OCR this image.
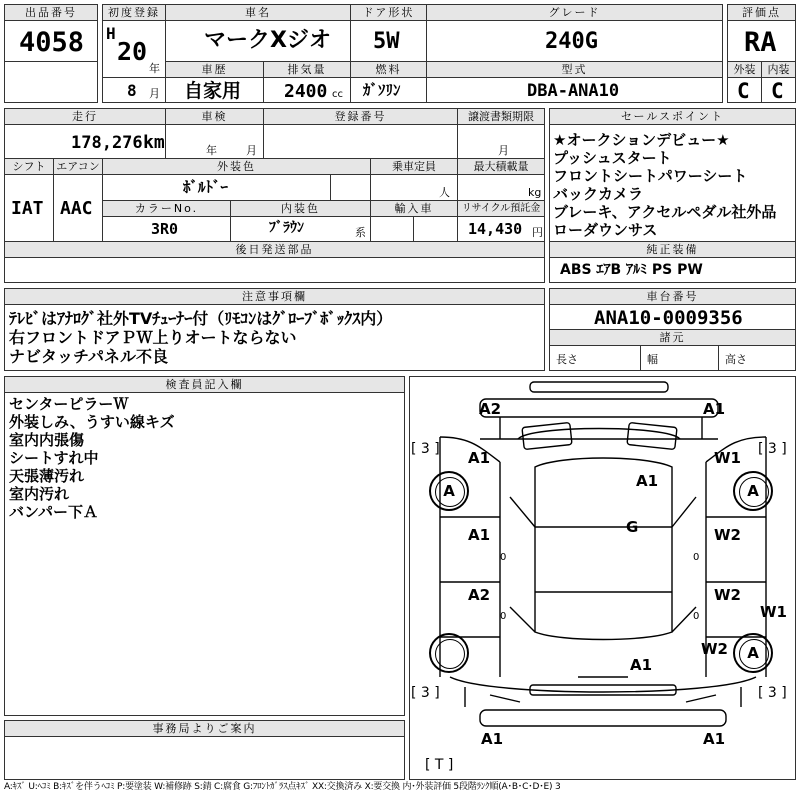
出品番号
4058
初度登録
H
20
年
8 月
車名
マークXジオ
ドア形状
5W
グレード
240G
評価点
RA
車歴
自家用
排気量
2400 cc
燃料
ｶﾞｿﾘﾝ
型式
DBA-ANA10
外装	内装
C C
走行
178,276 km
車検
年	月
登録番号	譲渡書類期限
月
シフト エアコン
IAT AAC
外装色
ﾎﾞﾙﾄﾞｰ
乗車定員
人
最大積載量
kg
カラーNo.
3R0
内装色
ﾌﾞﾗｳﾝ	系
輸入車	リサイクル預託金
14,430 円
後日発送部品
セールスポイント
★オークションデビュー★
プッシュスタート
フロントシートパワーシート
バックカメラ
ブレーキ、アクセルペダル社外品
ローダウンサス
純正装備
ABS ｴｱB ｱﾙﾐ PS PW
注意事項欄
ﾃﾚﾋﾞはｱﾅﾛｸﾞ社外TVﾁｭｰﾅｰ付（ﾘﾓｺﾝはｸﾞﾛｰﾌﾞﾎﾞｯｸｽ内）
右フロントドアＰＷ上りオートならない
ナビタッチパネル不良
車台番号
ANA10-0009356
諸元
長さ	幅	高さ
検査員記入欄
センターピラーＷ
外装しみ、うすい線キズ
室内内張傷
シートすれ中
天張薄汚れ
室内汚れ
バンパー下Ａ
事務局よりご案内
A2	A1
A1	W1
A1
G
A1	W2
A2	W2
W1
W2
A1
A1	A1
0	0
0	0
A	A
A
[ 3 ]	[ 3 ]
[ 3 ]	[ 3 ]
[ T ]
A:ｷｽﾞ U:ﾍｺﾐ B:ｷｽﾞを伴うﾍｺﾐ P:要塗装 W:補修跡 S:錆 C:腐食 G:ﾌﾛﾝﾄｶﾞﾗｽ点ｷｽﾞ XX:交換済み X:要交換 内･外装評価 5段階ﾗﾝｸ順(A･B･C･D･E) 3
